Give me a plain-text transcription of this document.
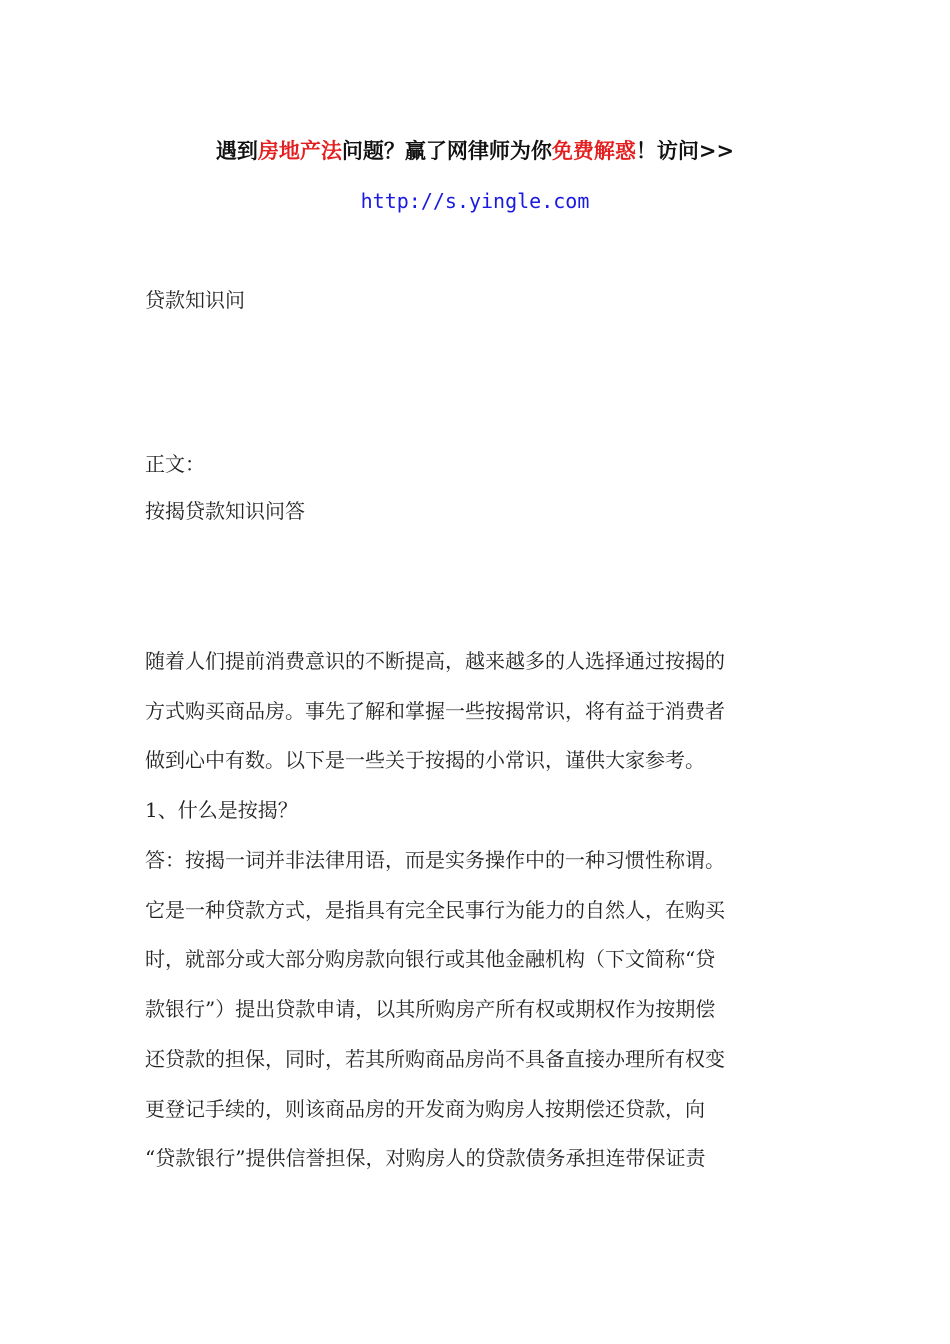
遇到房地产法问题？赢了网律师为你免费解惑！访问>>
http://s.yingle.com
贷款知识问
正文：
按揭贷款知识问答
随着人们提前消费意识的不断提高，越来越多的人选择通过按揭的
方式购买商品房。事先了解和掌握一些按揭常识，将有益于消费者
做到心中有数。以下是一些关于按揭的小常识，谨供大家参考。
1、什么是按揭？
答：按揭一词并非法律用语，而是实务操作中的一种习惯性称谓。
它是一种贷款方式，是指具有完全民事行为能力的自然人，在购买
时，就部分或大部分购房款向银行或其他金融机构（下文简称“贷
款银行”）提出贷款申请，以其所购房产所有权或期权作为按期偿
还贷款的担保，同时，若其所购商品房尚不具备直接办理所有权变
更登记手续的，则该商品房的开发商为购房人按期偿还贷款，向
“贷款银行”提供信誉担保，对购房人的贷款债务承担连带保证责
